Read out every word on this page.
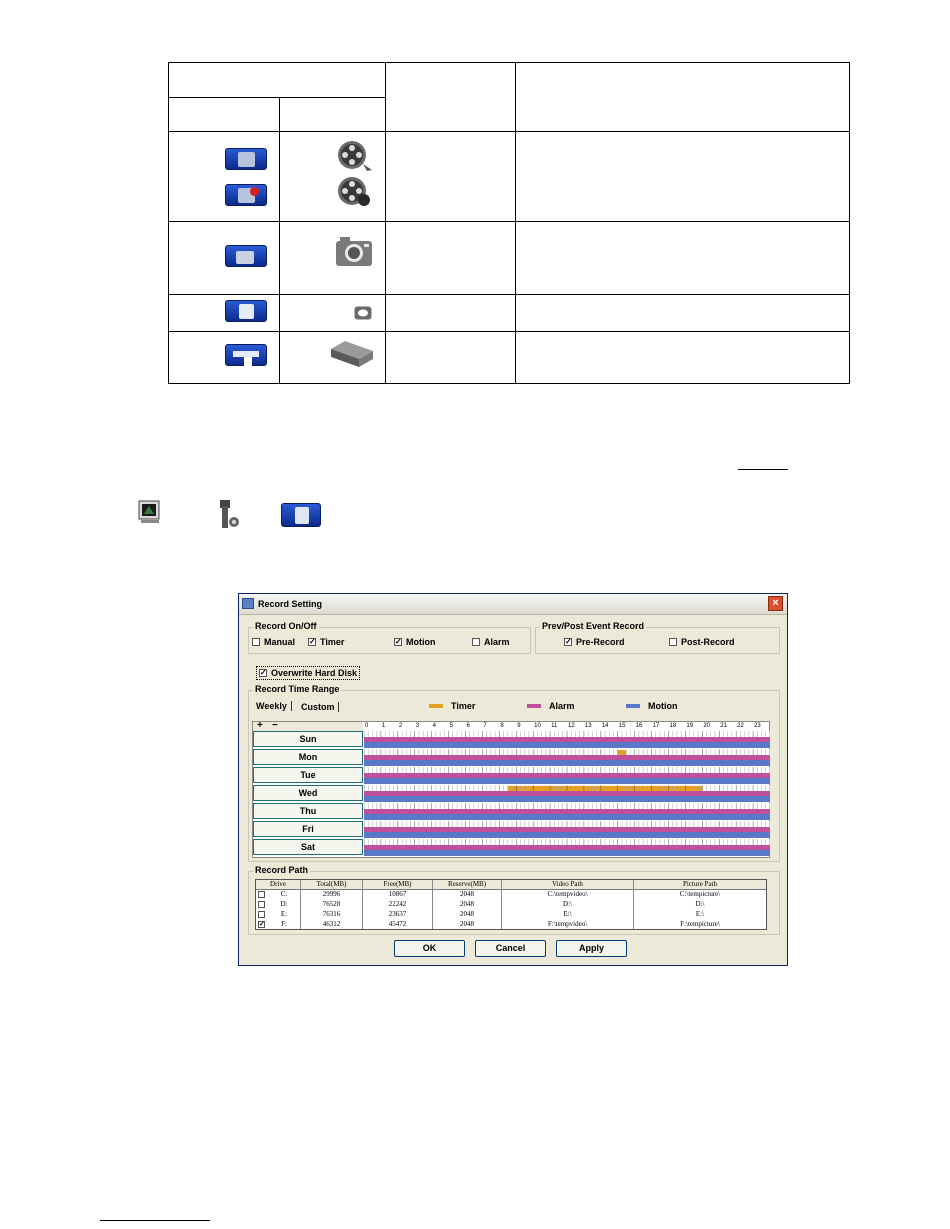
Record Setting	×
Record On/Off
Manual ✓ Timer	✓ Motion	Alarm
Prev/Post Event Record
✓ Pre-Record	Post-Record
✓ Overwrite Hard Disk
Record Time Range
Weekly	Custom	Timer	Alarm	Motion
+ −	0 1 2 3 4 5 6 7 8 9 10 11 12 13 14 15 16 17 18 19 20 21 22 23
Sun
Mon
Tue
Wed
Thu
Fri
Sat
Record Path
Drive	Total(MB)	Free(MB)	Reserve(MB)	Video Path	Picture Path
C:	29996	10867	2048	C:\tempvideo\	C:\tempicture\
D:	76528	22242	2048	D:\	D:\
E:	76316	23637	2048	E:\	E:\
✓	F:	46312	45472	2048	F:\tempvideo\	F:\tempicture\
OK	Cancel	Apply
